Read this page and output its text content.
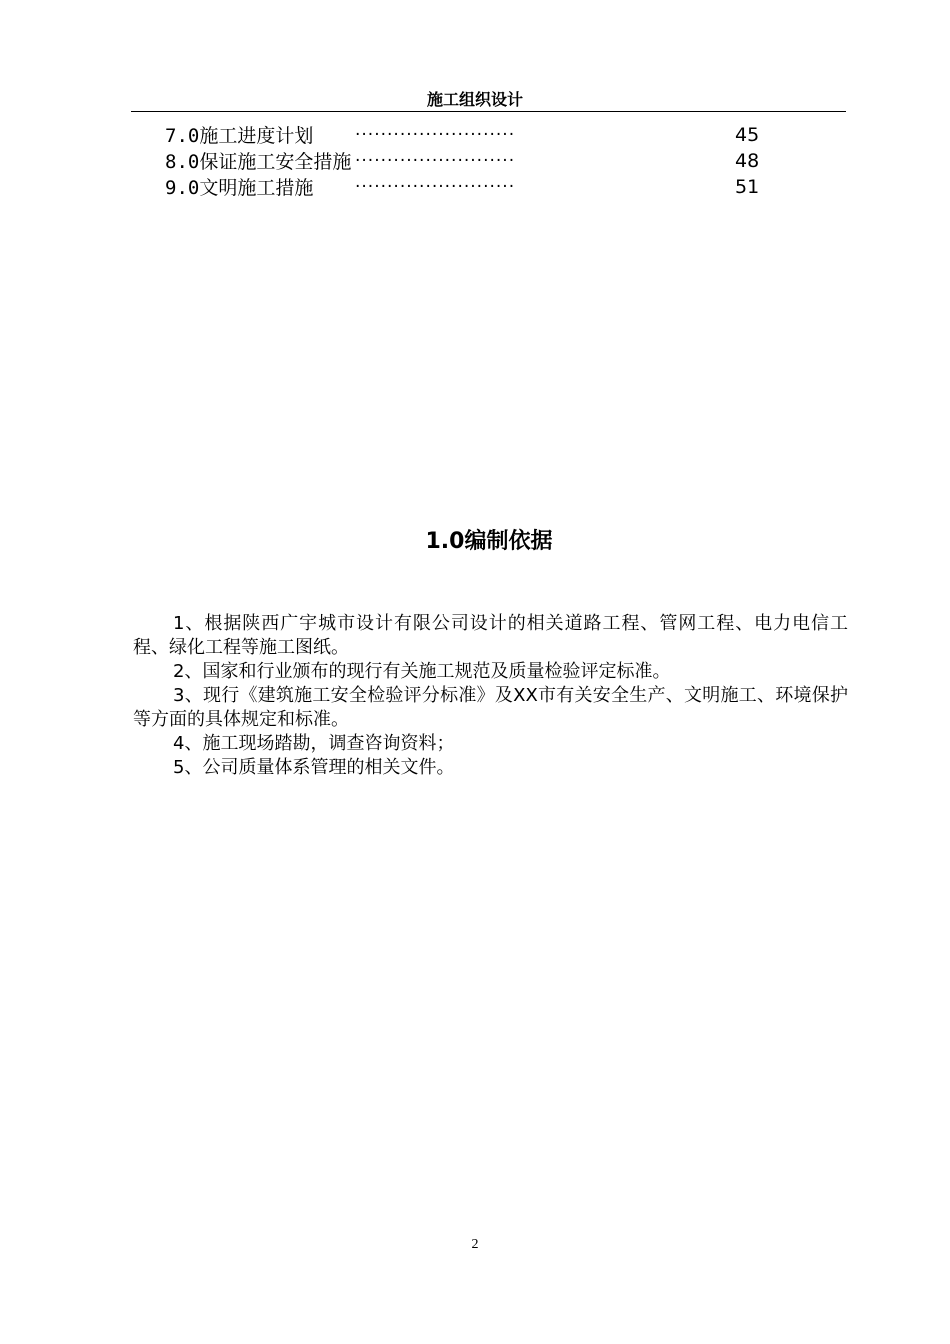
施工组织设计
7.0施工进度计划 ·························	45
8.0保证施工安全措施 ·························	48
9.0文明施工措施 ·························	51
1.0编制依据

1、根据陕西广宇城市设计有限公司设计的相关道路工程、管网工程、电力电信工程、绿化工程等施工图纸。

2、国家和行业颁布的现行有关施工规范及质量检验评定标准。

3、现行《建筑施工安全检验评分标准》及XX市有关安全生产、文明施工、环境保护等方面的具体规定和标准。

4、施工现场踏勘，调查咨询资料；

5、公司质量体系管理的相关文件。

2
